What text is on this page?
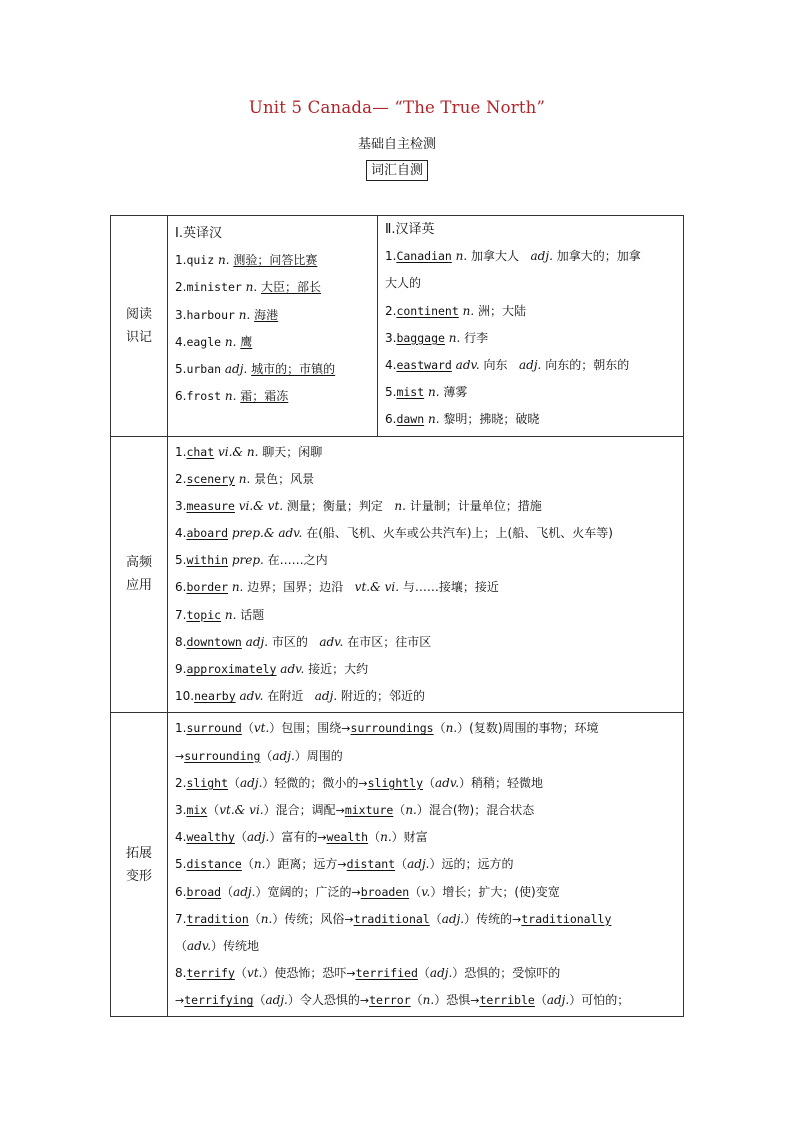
Unit 5 Canada— “The True North”
基础自主检测
词汇自测
阅读
识记
Ⅰ.英译汉
1.quiz n. 测验；问答比赛
2.minister n. 大臣；部长
3.harbour n. 海港
4.eagle n. 鹰
5.urban adj. 城市的；市镇的
6.frost n. 霜；霜冻
Ⅱ.汉译英
1.Canadian n. 加拿大人 adj. 加拿大的；加拿
大人的
2.continent n. 洲；大陆
3.baggage n. 行李
4.eastward adv. 向东 adj. 向东的；朝东的
5.mist n. 薄雾
6.dawn n. 黎明；拂晓；破晓
高频
应用
1.chat vi.& n. 聊天；闲聊
2.scenery n. 景色；风景
3.measure vi.& vt. 测量；衡量；判定 n. 计量制；计量单位；措施
4.aboard prep.& adv. 在(船、飞机、火车或公共汽车)上；上(船、飞机、火车等)
5.within prep. 在……之内
6.border n. 边界；国界；边沿 vt.& vi. 与……接壤；接近
7.topic n. 话题
8.downtown adj. 市区的 adv. 在市区；往市区
9.approximately adv. 接近；大约
10.nearby adv. 在附近 adj. 附近的；邻近的
拓展
变形
1.surround（vt.）包围；围绕→surroundings（n.）(复数)周围的事物；环境
→surrounding（adj.）周围的
2.slight（adj.）轻微的；微小的→slightly（adv.）稍稍；轻微地
3.mix（vt.& vi.）混合；调配→mixture（n.）混合(物)；混合状态
4.wealthy（adj.）富有的→wealth（n.）财富
5.distance（n.）距离；远方→distant（adj.）远的；远方的
6.broad（adj.）宽阔的；广泛的→broaden（v.）增长；扩大；(使)变宽
7.tradition（n.）传统；风俗→traditional（adj.）传统的→traditionally
（adv.）传统地
8.terrify（vt.）使恐怖；恐吓→terrified（adj.）恐惧的；受惊吓的
→terrifying（adj.）令人恐惧的→terror（n.）恐惧→terrible（adj.）可怕的；
